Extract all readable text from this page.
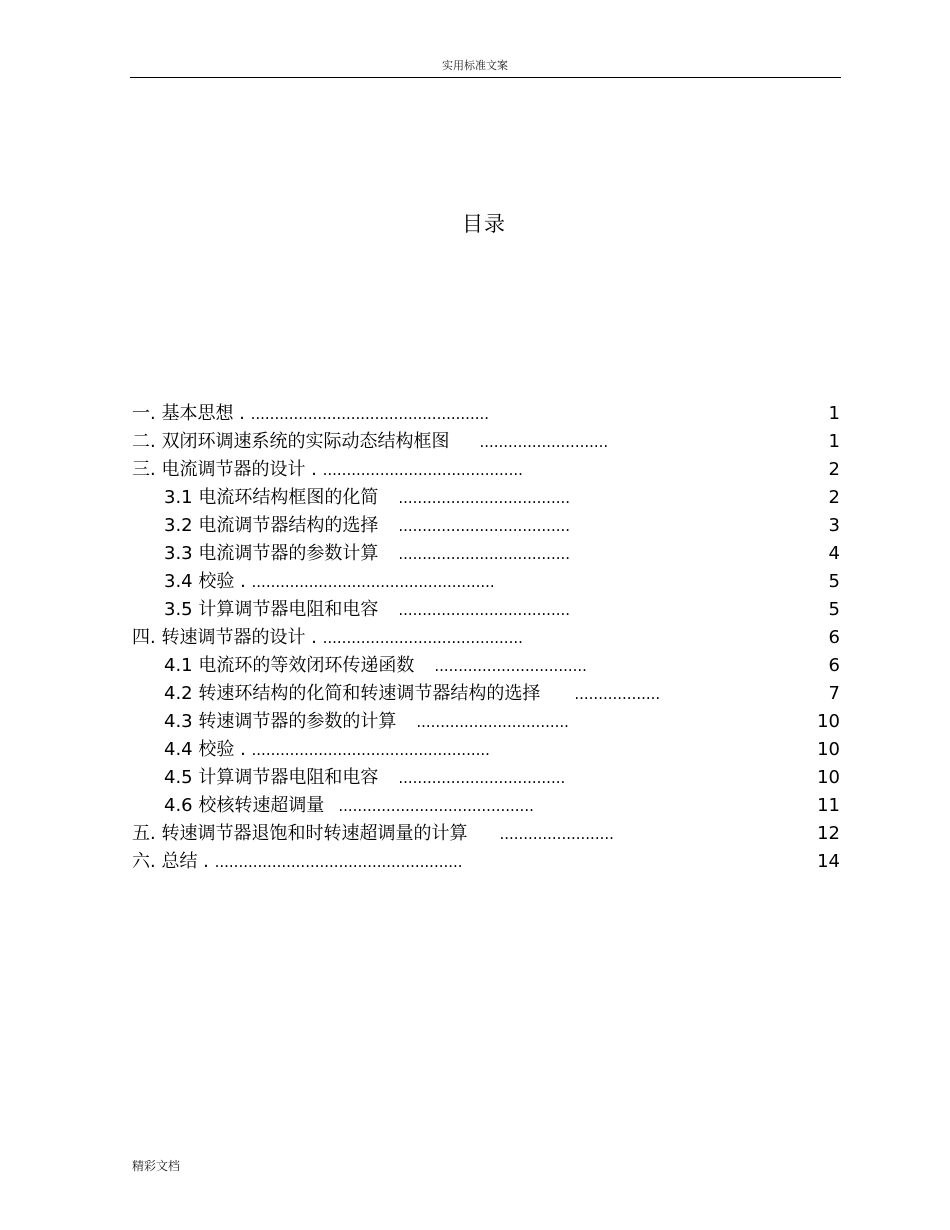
实用标准文案
目录
一. 基本思想 . ..................................................	1
二. 双闭环调速系统的实际动态结构框图 ...........................	1
三. 电流调节器的设计 . ..........................................	2
3.1 电流环结构框图的化简 ....................................	2
3.2 电流调节器结构的选择 ....................................	3
3.3 电流调节器的参数计算 ....................................	4
3.4 校验 . ...................................................	5
3.5 计算调节器电阻和电容 ....................................	5
四. 转速调节器的设计 . ..........................................	6
4.1 电流环的等效闭环传递函数 ................................	6
4.2 转速环结构的化简和转速调节器结构的选择 ..................	7
4.3 转速调节器的参数的计算 ................................	10
4.4 校验 . ..................................................	10
4.5 计算调节器电阻和电容 ...................................	10
4.6 校核转速超调量 .........................................	11
五. 转速调节器退饱和时转速超调量的计算 ........................	12
六. 总结 . ....................................................	14
精彩文档
